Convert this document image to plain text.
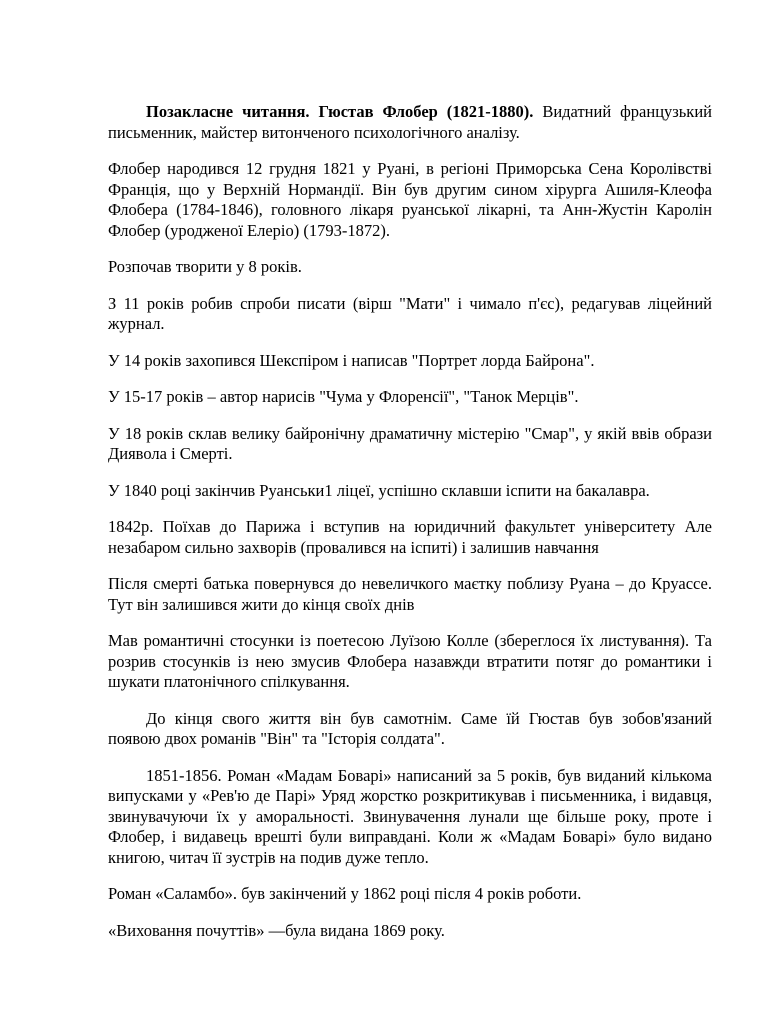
Позакласне читання. Гюстав Флобер (1821-1880). Видатний французький письменник, майстер витонченого психологічного аналізу.

Флобер народився 12 грудня 1821 у Руані, в регіоні Приморська Сена Королівстві Франція, що у Верхній Нормандії. Він був другим сином хірурга Ашиля-Клеофа Флобера (1784-1846), головного лікаря руанської лікарні, та Анн-Жустін Каролін Флобер (уродженої Елеріо) (1793-1872).

Розпочав творити у 8 років.

З 11 років робив спроби писати (вірш "Мати" і чимало п'єс), редагував ліцейний журнал.

У 14 років захопився Шекспіром і написав "Портрет лорда Байрона".

У 15-17 років – автор нарисів "Чума у Флоренсії", "Танок Мерців".

У 18 років склав велику байронічну драматичну містерію "Смар", у якій ввів образи Диявола і Смерті.

У 1840 році закінчив Руанськи1 ліцеї, успішно склавши іспити на бакалавра.

1842р. Поїхав до Парижа і вступив на юридичний факультет університету Але незабаром сильно захворів (провалився на іспиті) і залишив навчання

Після смерті батька повернувся до невеличкого маєтку поблизу Руана – до Круассе. Тут він залишився жити до кінця своїх днів

Мав романтичні стосунки із поетесою Луїзою Колле (збереглося їх листування). Та розрив стосунків із нею змусив Флобера назавжди втратити потяг до романтики і шукати платонічного спілкування.

До кінця свого життя він був самотнім. Саме їй Гюстав був зобов'язаний появою двох романів "Він" та "Історія солдата".

1851-1856. Роман «Мадам Боварі» написаний за 5 років, був виданий кількома випусками у «Рев'ю де Парі» Уряд жорстко розкритикував і письменника, і видавця, звинувачуючи їх у аморальності. Звинувачення лунали ще більше року, проте і Флобер, і видавець врешті були виправдані. Коли ж «Мадам Боварі» було видано книгою, читач її зустрів на подив дуже тепло.

Роман «Саламбо». був закінчений у 1862 році після 4 років роботи.

«Виховання почуттів» —була видана 1869 року.
